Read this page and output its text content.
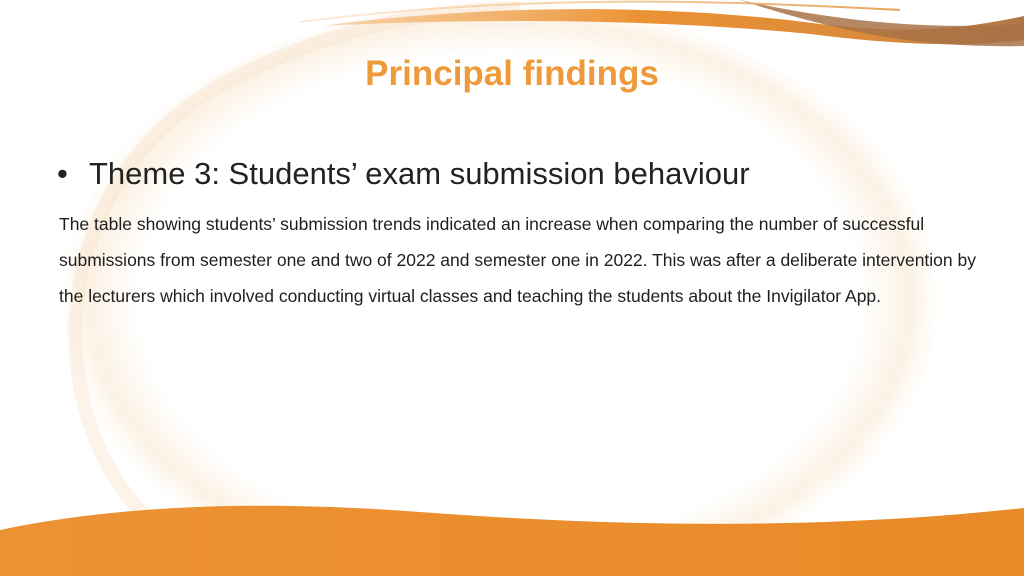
Principal findings
• Theme 3: Students’ exam submission behaviour

The table showing students’ submission trends indicated an increase when comparing the number of successful submissions from semester one and two of 2022 and semester one in 2022. This was after a deliberate intervention by the lecturers which involved conducting virtual classes and teaching the students about the Invigilator App.
